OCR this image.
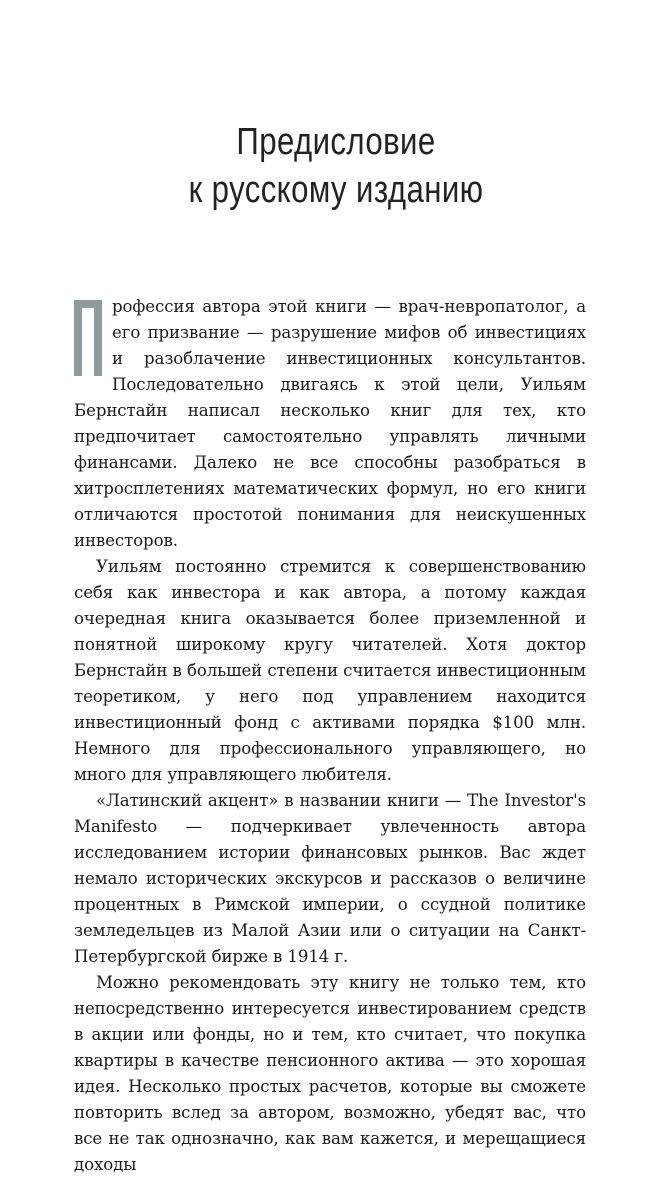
Предисловие
к русскому изданию

рофессия автора этой книги — врач-невропатолог, а его призвание — разрушение мифов об инвестициях и разоблачение инвестиционных консультантов. Последовательно двигаясь к этой цели, Уильям Бернстайн написал несколько книг для тех, кто предпочитает самостоятельно управлять личными финансами. Далеко не все способны разобраться в хитросплетениях математических формул, но его книги отличаются простотой понимания для неискушенных инвесторов.

Уильям постоянно стремится к совершенствованию себя как инвестора и как автора, а потому каждая очередная книга оказывается более приземленной и понятной широкому кругу читателей. Хотя доктор Бернстайн в большей степени считается инвестиционным теоретиком, у него под управлением находится инвестиционный фонд с активами порядка $100 млн. Немного для профессионального управляющего, но много для управляющего любителя.

«Латинский акцент» в названии книги — The Investor's Manifesto — подчеркивает увлеченность автора исследованием истории финансовых рынков. Вас ждет немало исторических экскурсов и рассказов о величине процентных в Римской империи, о ссудной политике земледельцев из Малой Азии или о ситуации на Санкт-Петербургской бирже в 1914 г.

Можно рекомендовать эту книгу не только тем, кто непосредственно интересуется инвестированием средств в акции или фонды, но и тем, кто считает, что покупка квартиры в качестве пенсионного актива — это хорошая идея. Несколько простых расчетов, которые вы сможете повторить вслед за автором, возможно, убедят вас, что все не так однозначно, как вам кажется, и мерещащиеся доходы
